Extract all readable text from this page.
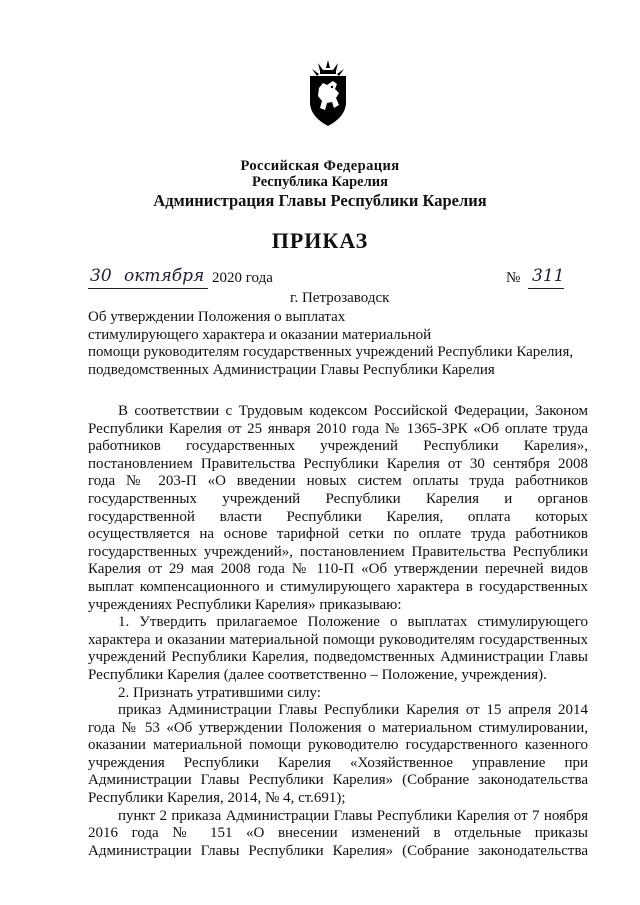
Российская Федерация
Республика Карелия
Администрация Главы Республики Карелия
ПРИКАЗ
30 октября 2020 года	№ 311
г. Петрозаводск
Об утверждении Положения о выплатах
стимулирующего характера и оказании материальной
помощи руководителям государственных учреждений Республики Карелия,
подведомственных Администрации Главы Республики Карелия
В соответствии с Трудовым кодексом Российской Федерации, Законом
Республики Карелия от 25 января 2010 года № 1365-ЗРК «Об оплате труда
работников государственных учреждений Республики Карелия»,
постановлением Правительства Республики Карелия от 30 сентября 2008
года № 203-П «О введении новых систем оплаты труда работников
государственных учреждений Республики Карелия и органов
государственной власти Республики Карелия, оплата которых
осуществляется на основе тарифной сетки по оплате труда работников
государственных учреждений», постановлением Правительства Республики
Карелия от 29 мая 2008 года № 110-П «Об утверждении перечней видов
выплат компенсационного и стимулирующего характера в государственных
учреждениях Республики Карелия» приказываю:
1. Утвердить прилагаемое Положение о выплатах стимулирующего
характера и оказании материальной помощи руководителям государственных
учреждений Республики Карелия, подведомственных Администрации Главы
Республики Карелия (далее соответственно – Положение, учреждения).
2. Признать утратившими силу:
приказ Администрации Главы Республики Карелия от 15 апреля 2014
года № 53 «Об утверждении Положения о материальном стимулировании,
оказании материальной помощи руководителю государственного казенного
учреждения Республики Карелия «Хозяйственное управление при
Администрации Главы Республики Карелия» (Собрание законодательства
Республики Карелия, 2014, № 4, ст.691);
пункт 2 приказа Администрации Главы Республики Карелия от 7 ноября
2016 года № 151 «О внесении изменений в отдельные приказы
Администрации Главы Республики Карелия» (Собрание законодательства
